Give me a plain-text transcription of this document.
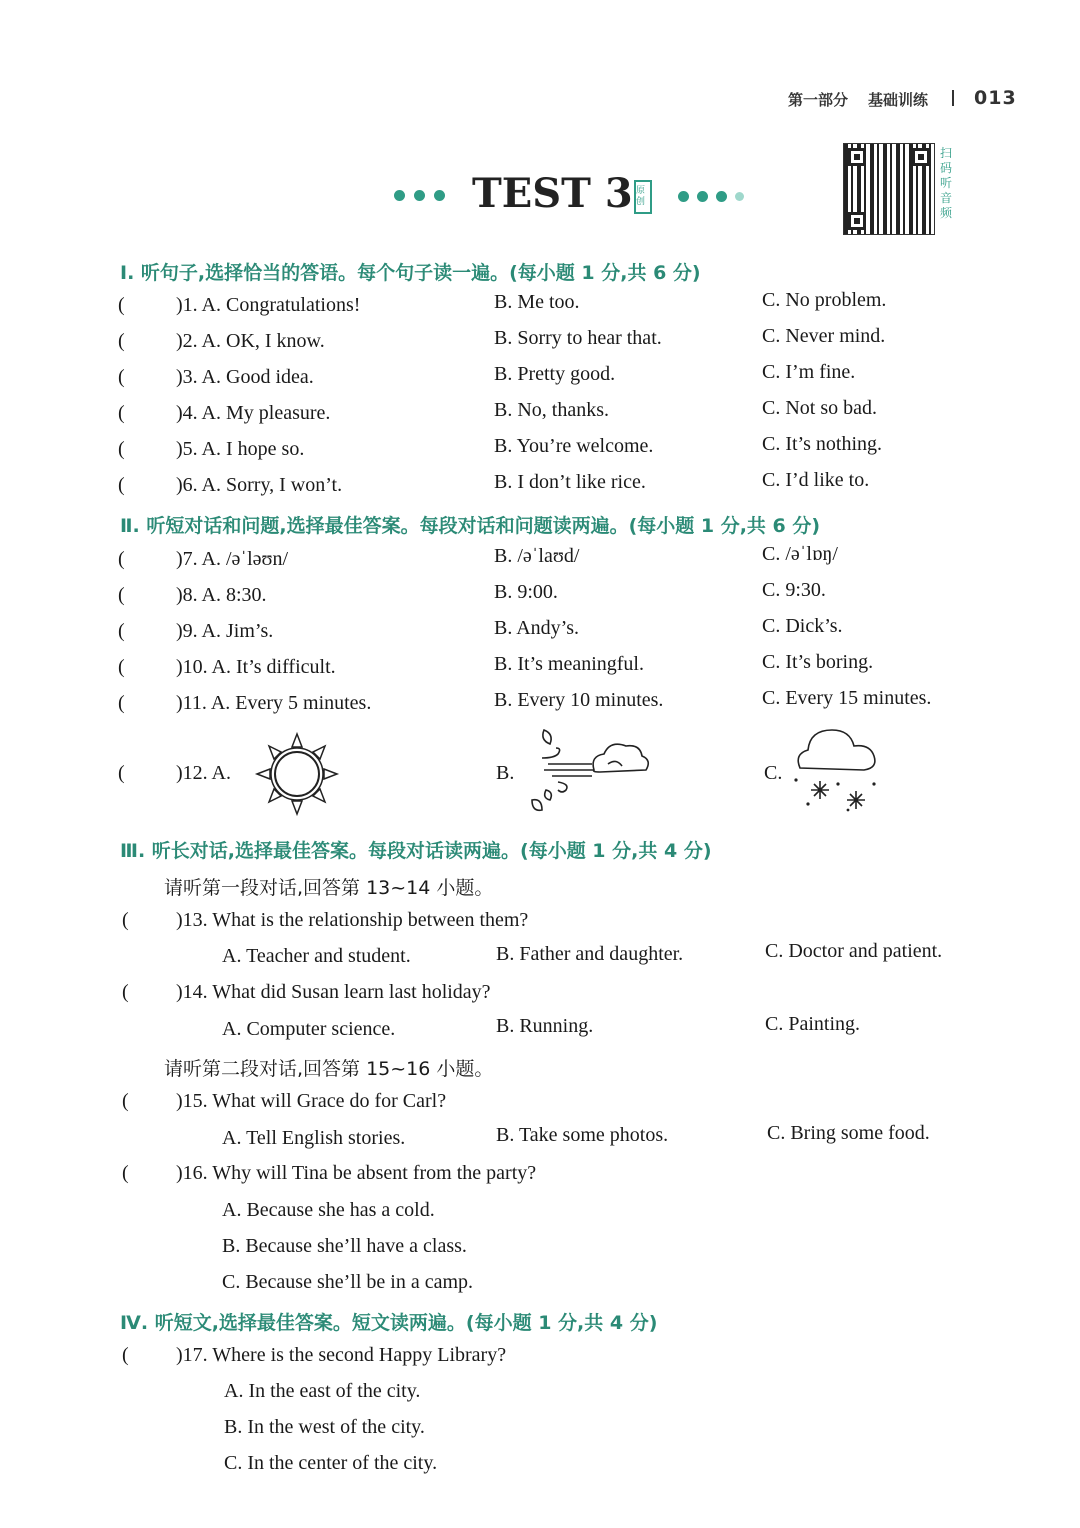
第一部分 基础训练 013
TEST 3 原创
扫码听音频
Ⅰ. 听句子,选择恰当的答语。每个句子读一遍。(每小题 1 分,共 6 分)
(	)1. A. Congratulations!	B. Me too.	C. No problem.
(	)2. A. OK, I know.	B. Sorry to hear that.	C. Never mind.
(	)3. A. Good idea.	B. Pretty good.	C. I’m fine.
(	)4. A. My pleasure.	B. No, thanks.	C. Not so bad.
(	)5. A. I hope so.	B. You’re welcome.	C. It’s nothing.
(	)6. A. Sorry, I won’t.	B. I don’t like rice.	C. I’d like to.
Ⅱ. 听短对话和问题,选择最佳答案。每段对话和问题读两遍。(每小题 1 分,共 6 分)
(	)7. A. /əˈləʊn/	B. /əˈlaʊd/	C. /əˈlɒŋ/
(	)8. A. 8:30.	B. 9:00.	C. 9:30.
(	)9. A. Jim’s.	B. Andy’s.	C. Dick’s.
(	)10. A. It’s difficult.	B. It’s meaningful.	C. It’s boring.
(	)11. A. Every 5 minutes.	B. Every 10 minutes.	C. Every 15 minutes.
(	)12. A.	B.	C.
Ⅲ. 听长对话,选择最佳答案。每段对话读两遍。(每小题 1 分,共 4 分)
请听第一段对话,回答第 13~14 小题。
( )13. What is the relationship between them?
A. Teacher and student.	B. Father and daughter.	C. Doctor and patient.
( )14. What did Susan learn last holiday?
A. Computer science.	B. Running.	C. Painting.
请听第二段对话,回答第 15~16 小题。
( )15. What will Grace do for Carl?
A. Tell English stories.	B. Take some photos.	C. Bring some food.
( )16. Why will Tina be absent from the party?
A. Because she has a cold.
B. Because she’ll have a class.
C. Because she’ll be in a camp.
Ⅳ. 听短文,选择最佳答案。短文读两遍。(每小题 1 分,共 4 分)
( )17. Where is the second Happy Library?
A. In the east of the city.
B. In the west of the city.
C. In the center of the city.
